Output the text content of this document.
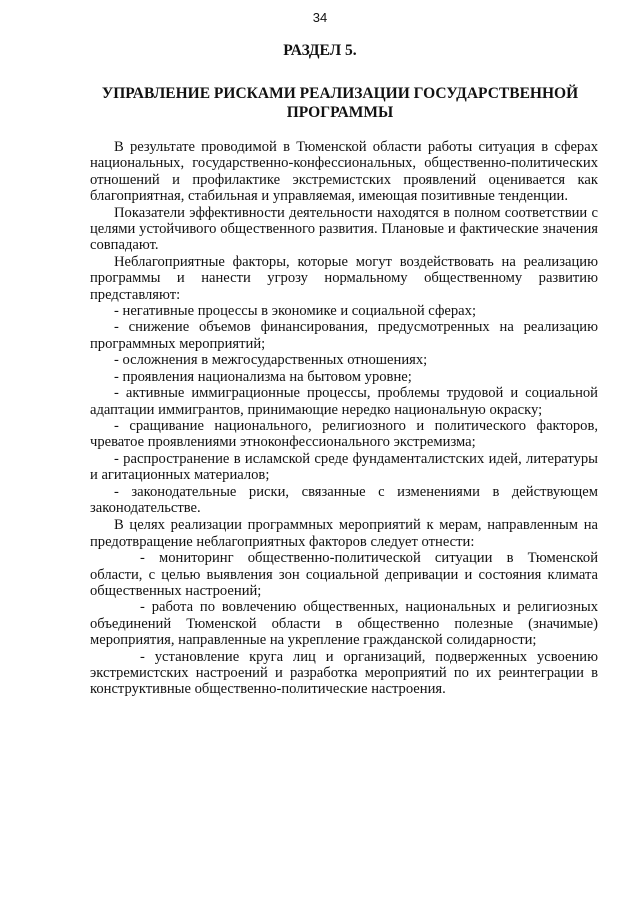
34
РАЗДЕЛ 5.
УПРАВЛЕНИЕ РИСКАМИ РЕАЛИЗАЦИИ ГОСУДАРСТВЕННОЙ ПРОГРАММЫ

В результате проводимой в Тюменской области работы ситуация в сферах национальных, государственно-конфессиональных, общественно-политических отношений и профилактике экстремистских проявлений оценивается как благоприятная, стабильная и управляемая, имеющая позитивные тенденции.

Показатели эффективности деятельности находятся в полном соответствии с целями устойчивого общественного развития. Плановые и фактические значения совпадают.

Неблагоприятные факторы, которые могут воздействовать на реализацию программы и нанести угрозу нормальному общественному развитию представляют:

- негативные процессы в экономике и социальной сферах;

- снижение объемов финансирования, предусмотренных на реализацию программных мероприятий;

- осложнения в межгосударственных отношениях;

- проявления национализма на бытовом уровне;

- активные иммиграционные процессы, проблемы трудовой и социальной адаптации иммигрантов, принимающие нередко национальную окраску;

- сращивание национального, религиозного и политического факторов, чреватое проявлениями этноконфессионального экстремизма;

- распространение в исламской среде фундаменталистских идей, литературы и агитационных материалов;

- законодательные риски, связанные с изменениями в действующем законодательстве.

В целях реализации программных мероприятий к мерам, направленным на предотвращение неблагоприятных факторов следует отнести:

- мониторинг общественно-политической ситуации в Тюменской области, с целью выявления зон социальной депривации и состояния климата общественных настроений;

- работа по вовлечению общественных, национальных и религиозных объединений Тюменской области в общественно полезные (значимые) мероприятия, направленные на укрепление гражданской солидарности;

- установление круга лиц и организаций, подверженных усвоению экстремистских настроений и разработка мероприятий по их реинтеграции в конструктивные общественно-политические настроения.
